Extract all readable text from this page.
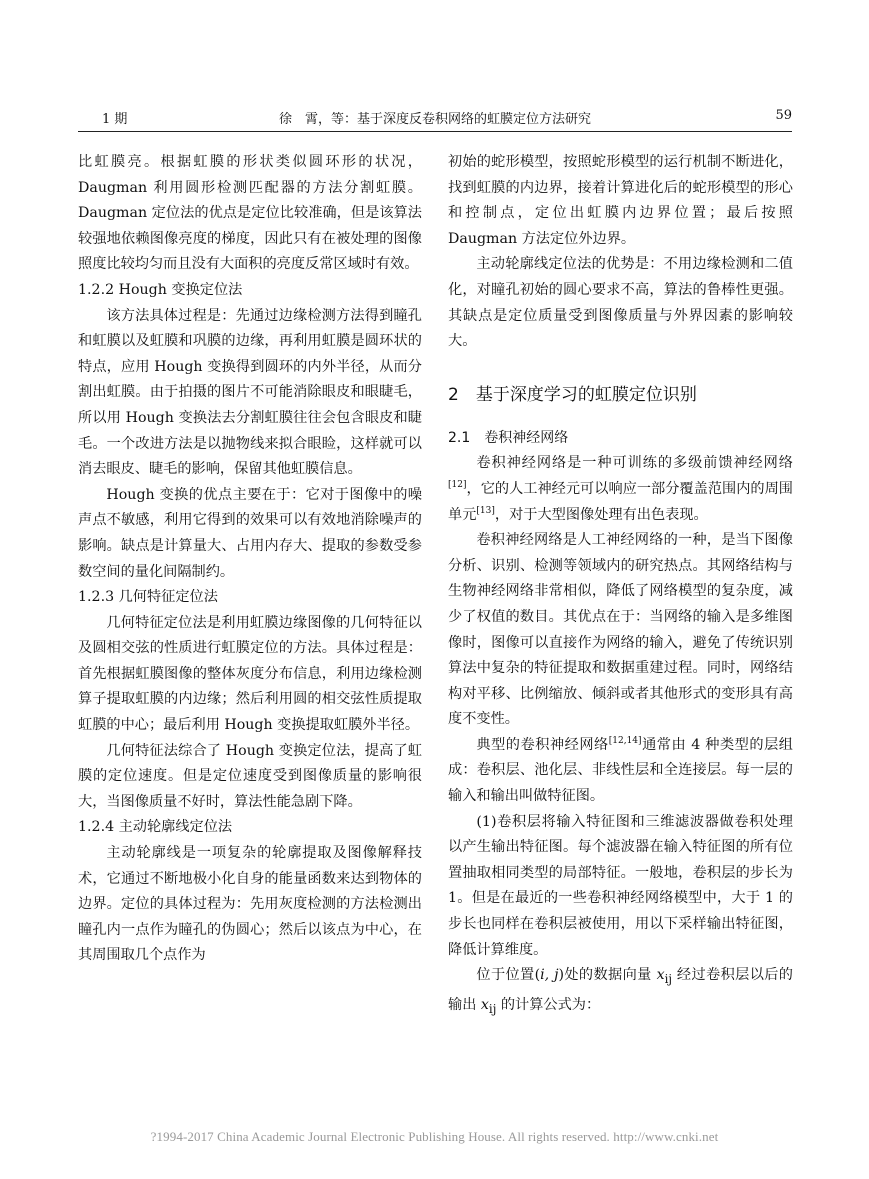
徐　霄，等：基于深度反卷积网络的虹膜定位方法研究
1 期	59

比虹膜亮。根据虹膜的形状类似圆环形的状况，Daugman 利用圆形检测匹配器的方法分割虹膜。Daugman 定位法的优点是定位比较准确，但是该算法较强地依赖图像亮度的梯度，因此只有在被处理的图像照度比较均匀而且没有大面积的亮度反常区域时有效。

1.2.2 Hough 变换定位法

该方法具体过程是：先通过边缘检测方法得到瞳孔和虹膜以及虹膜和巩膜的边缘，再利用虹膜是圆环状的特点，应用 Hough 变换得到圆环的内外半径，从而分割出虹膜。由于拍摄的图片不可能消除眼皮和眼睫毛，所以用 Hough 变换法去分割虹膜往往会包含眼皮和睫毛。一个改进方法是以抛物线来拟合眼睑，这样就可以消去眼皮、睫毛的影响，保留其他虹膜信息。

Hough 变换的优点主要在于：它对于图像中的噪声点不敏感，利用它得到的效果可以有效地消除噪声的影响。缺点是计算量大、占用内存大、提取的参数受参数空间的量化间隔制约。

1.2.3 几何特征定位法

几何特征定位法是利用虹膜边缘图像的几何特征以及圆相交弦的性质进行虹膜定位的方法。具体过程是：首先根据虹膜图像的整体灰度分布信息，利用边缘检测算子提取虹膜的内边缘；然后利用圆的相交弦性质提取虹膜的中心；最后利用 Hough 变换提取虹膜外半径。

几何特征法综合了 Hough 变换定位法，提高了虹膜的定位速度。但是定位速度受到图像质量的影响很大，当图像质量不好时，算法性能急剧下降。

1.2.4 主动轮廓线定位法

主动轮廓线是一项复杂的轮廓提取及图像解释技术，它通过不断地极小化自身的能量函数来达到物体的边界。定位的具体过程为：先用灰度检测的方法检测出瞳孔内一点作为瞳孔的伪圆心；然后以该点为中心，在其周围取几个点作为

初始的蛇形模型，按照蛇形模型的运行机制不断进化，找到虹膜的内边界，接着计算进化后的蛇形模型的形心和控制点，定位出虹膜内边界位置；最后按照 Daugman 方法定位外边界。

主动轮廓线定位法的优势是：不用边缘检测和二值化，对瞳孔初始的圆心要求不高，算法的鲁棒性更强。其缺点是定位质量受到图像质量与外界因素的影响较大。

2　基于深度学习的虹膜定位识别

2.1　卷积神经网络

卷积神经网络是一种可训练的多级前馈神经网络[12]，它的人工神经元可以响应一部分覆盖范围内的周围单元[13]，对于大型图像处理有出色表现。

卷积神经网络是人工神经网络的一种，是当下图像分析、识别、检测等领域内的研究热点。其网络结构与生物神经网络非常相似，降低了网络模型的复杂度，减少了权值的数目。其优点在于：当网络的输入是多维图像时，图像可以直接作为网络的输入，避免了传统识别算法中复杂的特征提取和数据重建过程。同时，网络结构对平移、比例缩放、倾斜或者其他形式的变形具有高度不变性。

典型的卷积神经网络[12,14]通常由 4 种类型的层组成：卷积层、池化层、非线性层和全连接层。每一层的输入和输出叫做特征图。

(1)卷积层将输入特征图和三维滤波器做卷积处理以产生输出特征图。每个滤波器在输入特征图的所有位置抽取相同类型的局部特征。一般地，卷积层的步长为 1。但是在最近的一些卷积神经网络模型中，大于 1 的步长也同样在卷积层被使用，用以下采样输出特征图，降低计算维度。

位于位置(i, j)处的数据向量 $x_{ij}$ 经过卷积层以后的输出 $x_{ij}$ 的计算公式为：

?1994-2017 China Academic Journal Electronic Publishing House. All rights reserved. http://www.cnki.net
